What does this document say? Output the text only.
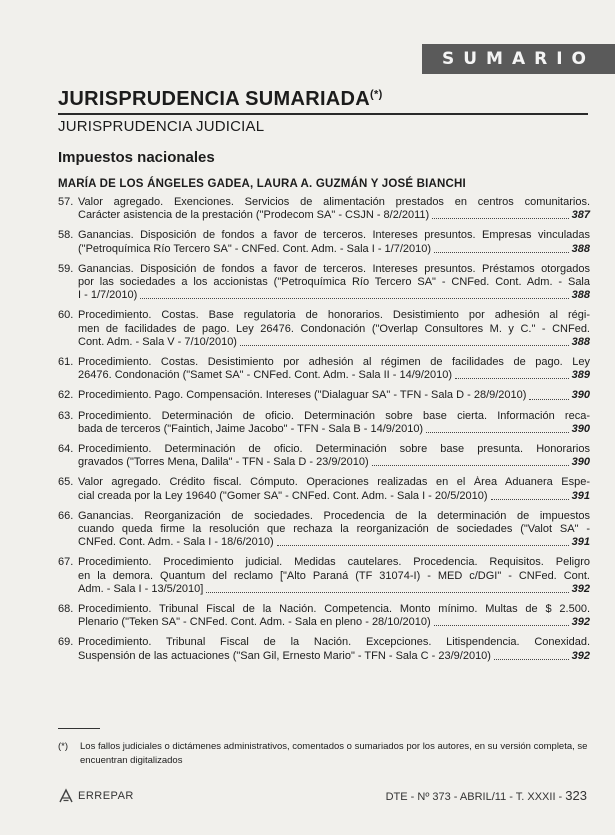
SUMARIO
JURISPRUDENCIA SUMARIADA(*)
JURISPRUDENCIA JUDICIAL
Impuestos nacionales
MARÍA DE LOS ÁNGELES GADEA, LAURA A. GUZMÁN Y JOSÉ BIANCHI
57. Valor agregado. Exenciones. Servicios de alimentación prestados en centros comunitarios.
Carácter asistencia de la prestación ("Prodecom SA" - CSJN - 8/2/2011)	387
58. Ganancias. Disposición de fondos a favor de terceros. Intereses presuntos. Empresas vinculadas
("Petroquímica Río Tercero SA" - CNFed. Cont. Adm. - Sala I - 1/7/2010)	388
59. Ganancias. Disposición de fondos a favor de terceros. Intereses presuntos. Préstamos otorgados
por las sociedades a los accionistas ("Petroquímica Río Tercero SA" - CNFed. Cont. Adm. - Sala
I - 1/7/2010)	388
60. Procedimiento. Costas. Base regulatoria de honorarios. Desistimiento por adhesión al régi-
men de facilidades de pago. Ley 26476. Condonación ("Overlap Consultores M. y C." - CNFed.
Cont. Adm. - Sala V - 7/10/2010)	388
61. Procedimiento. Costas. Desistimiento por adhesión al régimen de facilidades de pago. Ley
26476. Condonación ("Samet SA" - CNFed. Cont. Adm. - Sala II - 14/9/2010)	389
62. Procedimiento. Pago. Compensación. Intereses ("Dialaguar SA" - TFN - Sala D - 28/9/2010)	390
63. Procedimiento. Determinación de oficio. Determinación sobre base cierta. Información reca-
bada de terceros ("Faintich, Jaime Jacobo" - TFN - Sala B - 14/9/2010)	390
64. Procedimiento. Determinación de oficio. Determinación sobre base presunta. Honorarios
gravados ("Torres Mena, Dalila" - TFN - Sala D - 23/9/2010)	390
65. Valor agregado. Crédito fiscal. Cómputo. Operaciones realizadas en el Área Aduanera Espe-
cial creada por la Ley 19640 ("Gomer SA" - CNFed. Cont. Adm. - Sala I - 20/5/2010)	391
66. Ganancias. Reorganización de sociedades. Procedencia de la determinación de impuestos
cuando queda firme la resolución que rechaza la reorganización de sociedades ("Valot SA" -
CNFed. Cont. Adm. - Sala I - 18/6/2010)	391
67. Procedimiento. Procedimiento judicial. Medidas cautelares. Procedencia. Requisitos. Peligro
en la demora. Quantum del reclamo ["Alto Paraná (TF 31074-I) - MED c/DGI" - CNFed. Cont.
Adm. - Sala I - 13/5/2010]	392
68. Procedimiento. Tribunal Fiscal de la Nación. Competencia. Monto mínimo. Multas de $ 2.500.
Plenario ("Teken SA" - CNFed. Cont. Adm. - Sala en pleno - 28/10/2010)	392
69. Procedimiento. Tribunal Fiscal de la Nación. Excepciones. Litispendencia. Conexidad.
Suspensión de las actuaciones ("San Gil, Ernesto Mario" - TFN - Sala C - 23/9/2010)	392
(*) Los fallos judiciales o dictámenes administrativos, comentados o sumariados por los autores, en su versión completa, se encuentran digitalizados
ERREPAR	DTE - Nº 373 - ABRIL/11 - T. XXXII - 323
